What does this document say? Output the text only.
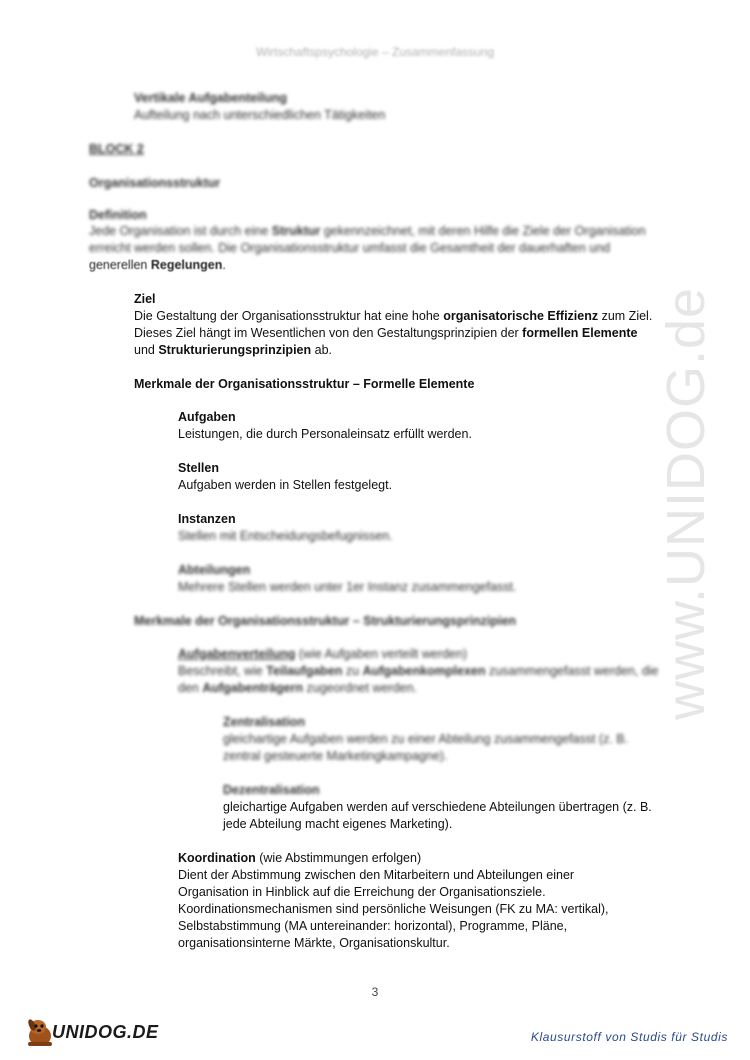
Wirtschaftspsychologie – Zusammenfassung
www.UNIDOG.de
Vertikale Aufgabenteilung
Aufteilung nach unterschiedlichen Tätigkeiten
BLOCK 2
Organisationsstruktur
Definition
Jede Organisation ist durch eine Struktur gekennzeichnet, mit deren Hilfe die Ziele der Organisation
erreicht werden sollen. Die Organisationsstruktur umfasst die Gesamtheit der dauerhaften und
generellen Regelungen.
Ziel
Die Gestaltung der Organisationsstruktur hat eine hohe organisatorische Effizienz zum Ziel.
Dieses Ziel hängt im Wesentlichen von den Gestaltungsprinzipien der formellen Elemente
und Strukturierungsprinzipien ab.
Merkmale der Organisationsstruktur – Formelle Elemente
Aufgaben
Leistungen, die durch Personaleinsatz erfüllt werden.
Stellen
Aufgaben werden in Stellen festgelegt.
Instanzen
Stellen mit Entscheidungsbefugnissen.
Abteilungen
Mehrere Stellen werden unter 1er Instanz zusammengefasst.
Merkmale der Organisationsstruktur – Strukturierungsprinzipien
Aufgabenverteilung (wie Aufgaben verteilt werden)
Beschreibt, wie Teilaufgaben zu Aufgabenkomplexen zusammengefasst werden, die
den Aufgabenträgern zugeordnet werden.
Zentralisation
gleichartige Aufgaben werden zu einer Abteilung zusammengefasst (z. B.
zentral gesteuerte Marketingkampagne).
Dezentralisation
gleichartige Aufgaben werden auf verschiedene Abteilungen übertragen (z. B.
jede Abteilung macht eigenes Marketing).
Koordination (wie Abstimmungen erfolgen)
Dient der Abstimmung zwischen den Mitarbeitern und Abteilungen einer
Organisation in Hinblick auf die Erreichung der Organisationsziele.
Koordinationsmechanismen sind persönliche Weisungen (FK zu MA: vertikal),
Selbstabstimmung (MA untereinander: horizontal), Programme, Pläne,
organisationsinterne Märkte, Organisationskultur.
3
UNIDOG.DE	Klausurstoff von Studis für Studis
